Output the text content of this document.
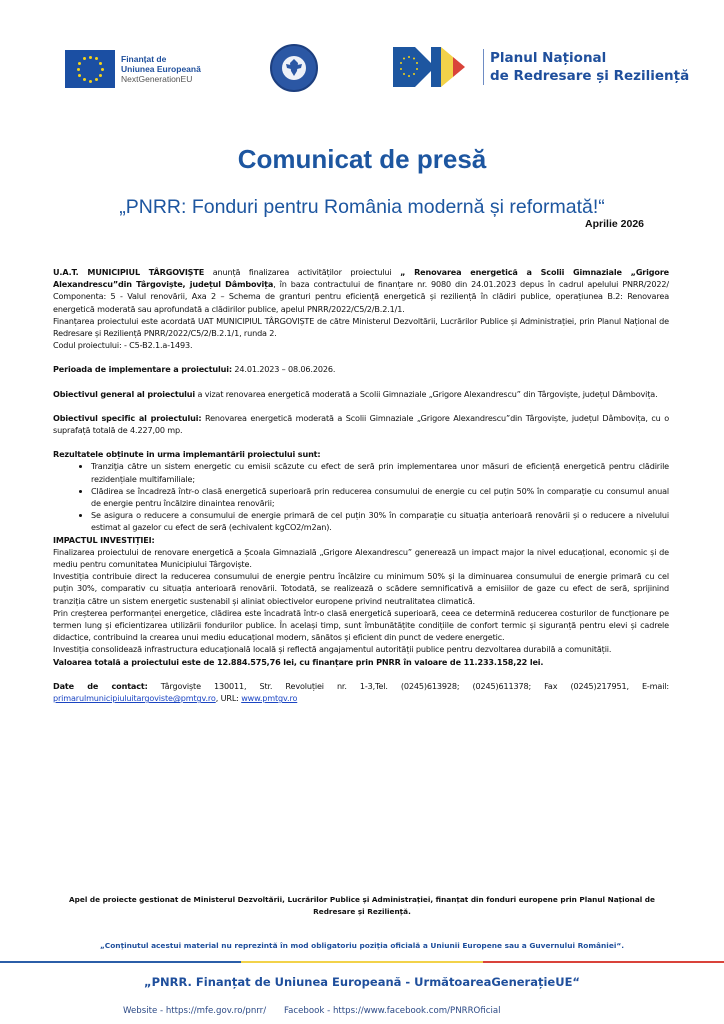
Finanțat de
Uniunea Europeană
NextGenerationEU
Planul Național
de Redresare și Reziliență
Comunicat de presă
„PNRR: Fonduri pentru România modernă și reformată!“
Aprilie 2026

U.A.T. MUNICIPIUL TÂRGOVIȘTE anunță finalizarea activităților proiectului „ Renovarea energetică a Scolii Gimnaziale „Grigore Alexandrescu”din Târgoviște, județul Dâmbovița, în baza contractului de finanțare nr. 9080 din 24.01.2023 depus în cadrul apelului PNRR/2022/ Componenta: 5 - Valul renovării, Axa 2 – Schema de granturi pentru eficiență energetică și reziliență în clădiri publice, operațiunea B.2: Renovarea energetică moderată sau aprofundată a clădirilor publice, apelul PNRR/2022/C5/2/B.2.1/1.

Finanțarea proiectului este acordată UAT MUNICIPIUL TÂRGOVIȘTE de către Ministerul Dezvoltării, Lucrărilor Publice și Administrației, prin Planul Național de Redresare și Reziliență PNRR/2022/C5/2/B.2.1/1, runda 2.

Codul proiectului: - C5-B2.1.a-1493.

Perioada de implementare a proiectului: 24.01.2023 – 08.06.2026.

Obiectivul general al proiectului a vizat renovarea energetică moderată a Scolii Gimnaziale „Grigore Alexandrescu” din Târgoviște, județul Dâmbovița.

Obiectivul specific al proiectului: Renovarea energetică moderată a Scolii Gimnaziale „Grigore Alexandrescu”din Târgoviște, județul Dâmbovița, cu o suprafață totală de 4.227,00 mp.

Rezultatele obținute in urma implemantării proiectului sunt:

• Tranziţia către un sistem energetic cu emisii scăzute cu efect de seră prin implementarea unor măsuri de eficiență energetică pentru clădirile rezidențiale multifamiliale;
• Clădirea se încadreză într-o clasă energetică superioară prin reducerea consumului de energie cu cel puțin 50% în comparație cu consumul anual de energie pentru încălzire dinaintea renovării;
• Se asigura o reducere a consumului de energie primară de cel puțin 30% în comparație cu situația anterioară renovării și o reducere a nivelului estimat al gazelor cu efect de seră (echivalent kgCO2/m2an).

IMPACTUL INVESTIȚIEI:

Finalizarea proiectului de renovare energetică a Școala Gimnazială „Grigore Alexandrescu” generează un impact major la nivel educațional, economic și de mediu pentru comunitatea Municipiului Târgoviște.

Investiția contribuie direct la reducerea consumului de energie pentru încălzire cu minimum 50% și la diminuarea consumului de energie primară cu cel puțin 30%, comparativ cu situația anterioară renovării. Totodată, se realizează o scădere semnificativă a emisiilor de gaze cu efect de seră, sprijinind tranziția către un sistem energetic sustenabil și aliniat obiectivelor europene privind neutralitatea climatică.

Prin creșterea performanței energetice, clădirea este încadrată într-o clasă energetică superioară, ceea ce determină reducerea costurilor de funcționare pe termen lung și eficientizarea utilizării fondurilor publice. În același timp, sunt îmbunătățite condițiile de confort termic și siguranță pentru elevi și cadrele didactice, contribuind la crearea unui mediu educațional modern, sănătos și eficient din punct de vedere energetic.

Investiția consolidează infrastructura educațională locală și reflectă angajamentul autorității publice pentru dezvoltarea durabilă a comunității.

Valoarea totală a proiectului este de 12.884.575,76 lei, cu finanțare prin PNRR în valoare de 11.233.158,22 lei.

Date de contact: Târgoviște 130011, Str. Revoluției nr. 1-3,Tel. (0245)613928; (0245)611378; Fax (0245)217951, E-mail: primarulmunicipiuluitargoviste@pmtgv.ro, URL: www.pmtgv.ro

Apel de proiecte gestionat de Ministerul Dezvoltării, Lucrărilor Publice și Administrației, finanțat din fonduri europene prin Planul Național de Redresare și Reziliență.
„Conținutul acestui material nu reprezintă în mod obligatoriu poziția oficială a Uniunii Europene sau a Guvernului României“.
„PNRR. Finanțat de Uniunea Europeană - UrmătoareaGenerațieUE“
Website - https://mfe.gov.ro/pnrr/ Facebook - https://www.facebook.com/PNRROficial
